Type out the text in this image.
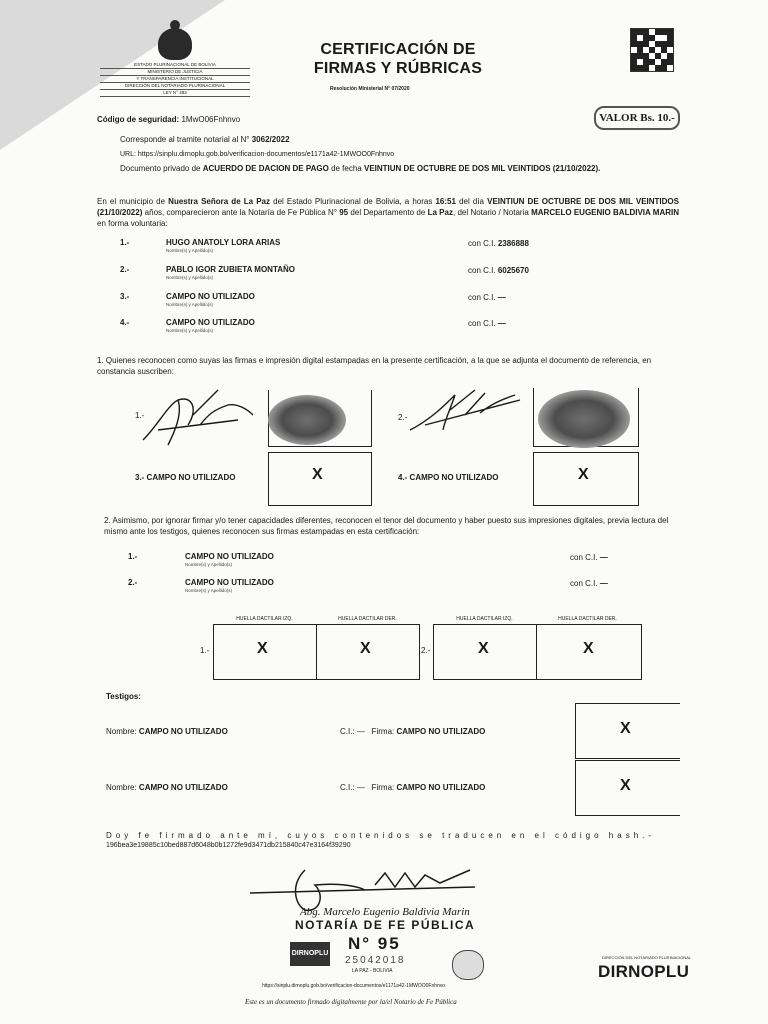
ESTADO PLURINACIONAL DE BOLIVIA
MINISTERIO DE JUSTICIA
Y TRANSPARENCIA INSTITUCIONAL
DIRECCIÓN DEL NOTARIADO PLURINACIONAL
LEY N° 483
CERTIFICACIÓN DE
FIRMAS Y RÚBRICAS
Resolución Ministerial N° 07/2020
VALOR Bs. 10.-
Código de seguridad: 1MwO06Fnhnvo
Corresponde al tramite notarial al N° 3062/2022
URL: https://sinplu.dirnoplu.gob.bo/verificacion-documentos/e1171a42-1MWOO0Fnhnvo
Documento privado de ACUERDO DE DACION DE PAGO de fecha VEINTIUN DE OCTUBRE DE DOS MIL VEINTIDOS (21/10/2022).
En el municipio de Nuestra Señora de La Paz del Estado Plurinacional de Bolivia, a horas 16:51 del día VEINTIUN DE OCTUBRE DE DOS MIL VEINTIDOS (21/10/2022) años, comparecieron ante la Notaría de Fe Pública N° 95 del Departamento de La Paz, del Notario / Notaria MARCELO EUGENIO BALDIVIA MARIN en forma voluntaria:
1.-	HUGO ANATOLY LORA ARIAS
Nombre(s) y Apellido(s)
con C.I. 2386888
2.-	PABLO IGOR ZUBIETA MONTAÑO
Nombre(s) y Apellido(s)
con C.I. 6025670
3.-	CAMPO NO UTILIZADO
Nombre(s) y Apellido(s)
con C.I. —
4.-	CAMPO NO UTILIZADO
Nombre(s) y Apellido(s)
con C.I. —
1. Quienes reconocen como suyas las firmas e impresión digital estampadas en la presente certificación, a la que se adjunta el documento de referencia, en constancia suscriben:
1.-	2.-
3.- CAMPO NO UTILIZADO	X	4.- CAMPO NO UTILIZADO	X
2. Asimismo, por ignorar firmar y/o tener capacidades diferentes, reconocen el tenor del documento y haber puesto sus impresiones digitales, previa lectura del mismo ante los testigos, quienes reconocen sus firmas estampadas en esta certificación:
1.-	CAMPO NO UTILIZADO
Nombre(s) y Apellido(s)
con C.I. —
2.-	CAMPO NO UTILIZADO
Nombre(s) y Apellido(s)
con C.I. —
HUELLA DACTILAR IZQ.	HUELLA DACTILAR DER.	HUELLA DACTILAR IZQ.	HUELLA DACTILAR DER.
1.-	X	X	2.-	X	X
Testigos:
Nombre: CAMPO NO UTILIZADO	C.I.: — Firma: CAMPO NO UTILIZADO	X
Nombre: CAMPO NO UTILIZADO	C.I.: — Firma: CAMPO NO UTILIZADO	X
Doy fe firmado ante mí, cuyos contenidos se traducen en el código hash.-
196bea3e19885c10bed887d6048b0b1272fe9d3471db215840c47e3164f39290
Abg. Marcelo Eugenio Baldivia Marin
NOTARÍA DE FE PÚBLICA
DIRNOPLU
N° 95
25042018
LA PAZ - BOLIVIA
DIRECCIÓN DEL NOTARIADO PLURINACIONAL
DIRNOPLU
https://sinplu.dirnoplu.gob.bo/verificacion-documentos/e1171a42-1MWOO0Fnhnvo
Este es un documento firmado digitalmente por la/el Notario de Fe Pública
